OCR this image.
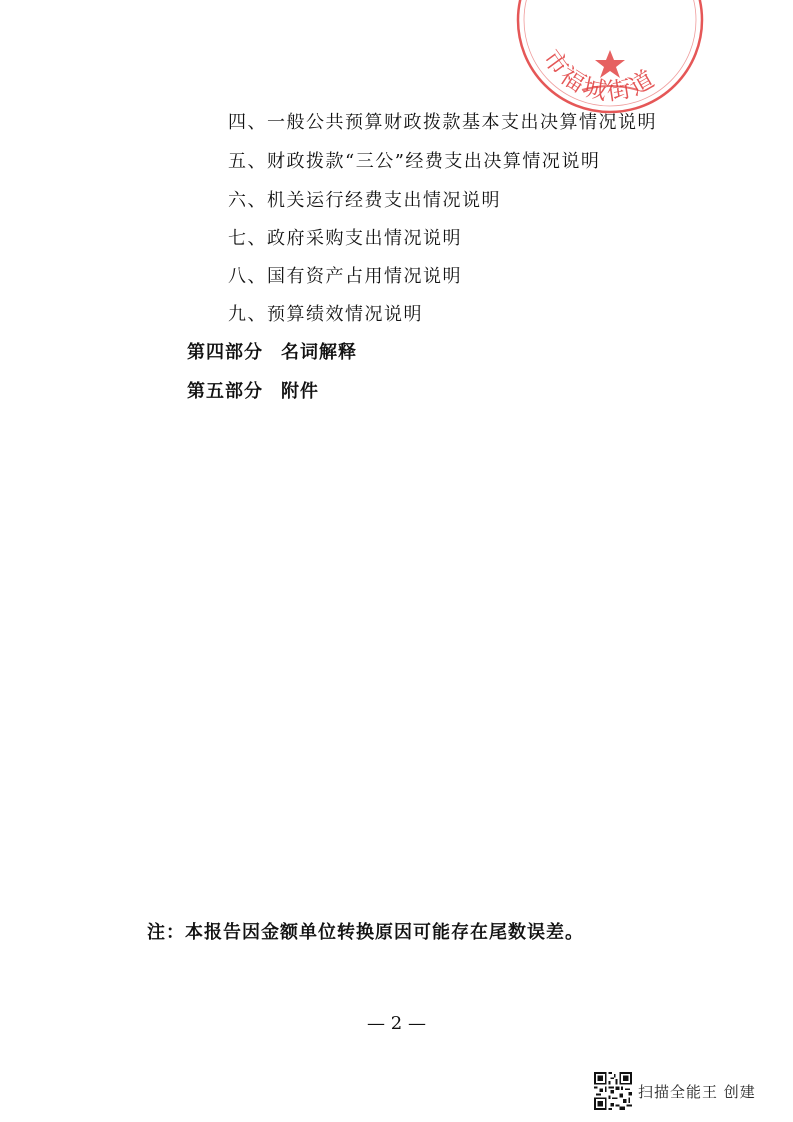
市福城街道
四、一般公共预算财政拨款基本支出决算情况说明
五、财政拨款“三公”经费支出决算情况说明
六、机关运行经费支出情况说明
七、政府采购支出情况说明
八、国有资产占用情况说明
九、预算绩效情况说明
第四部分 名词解释
第五部分 附件
注：本报告因金额单位转换原因可能存在尾数误差。
— 2 —
扫描全能王 创建
